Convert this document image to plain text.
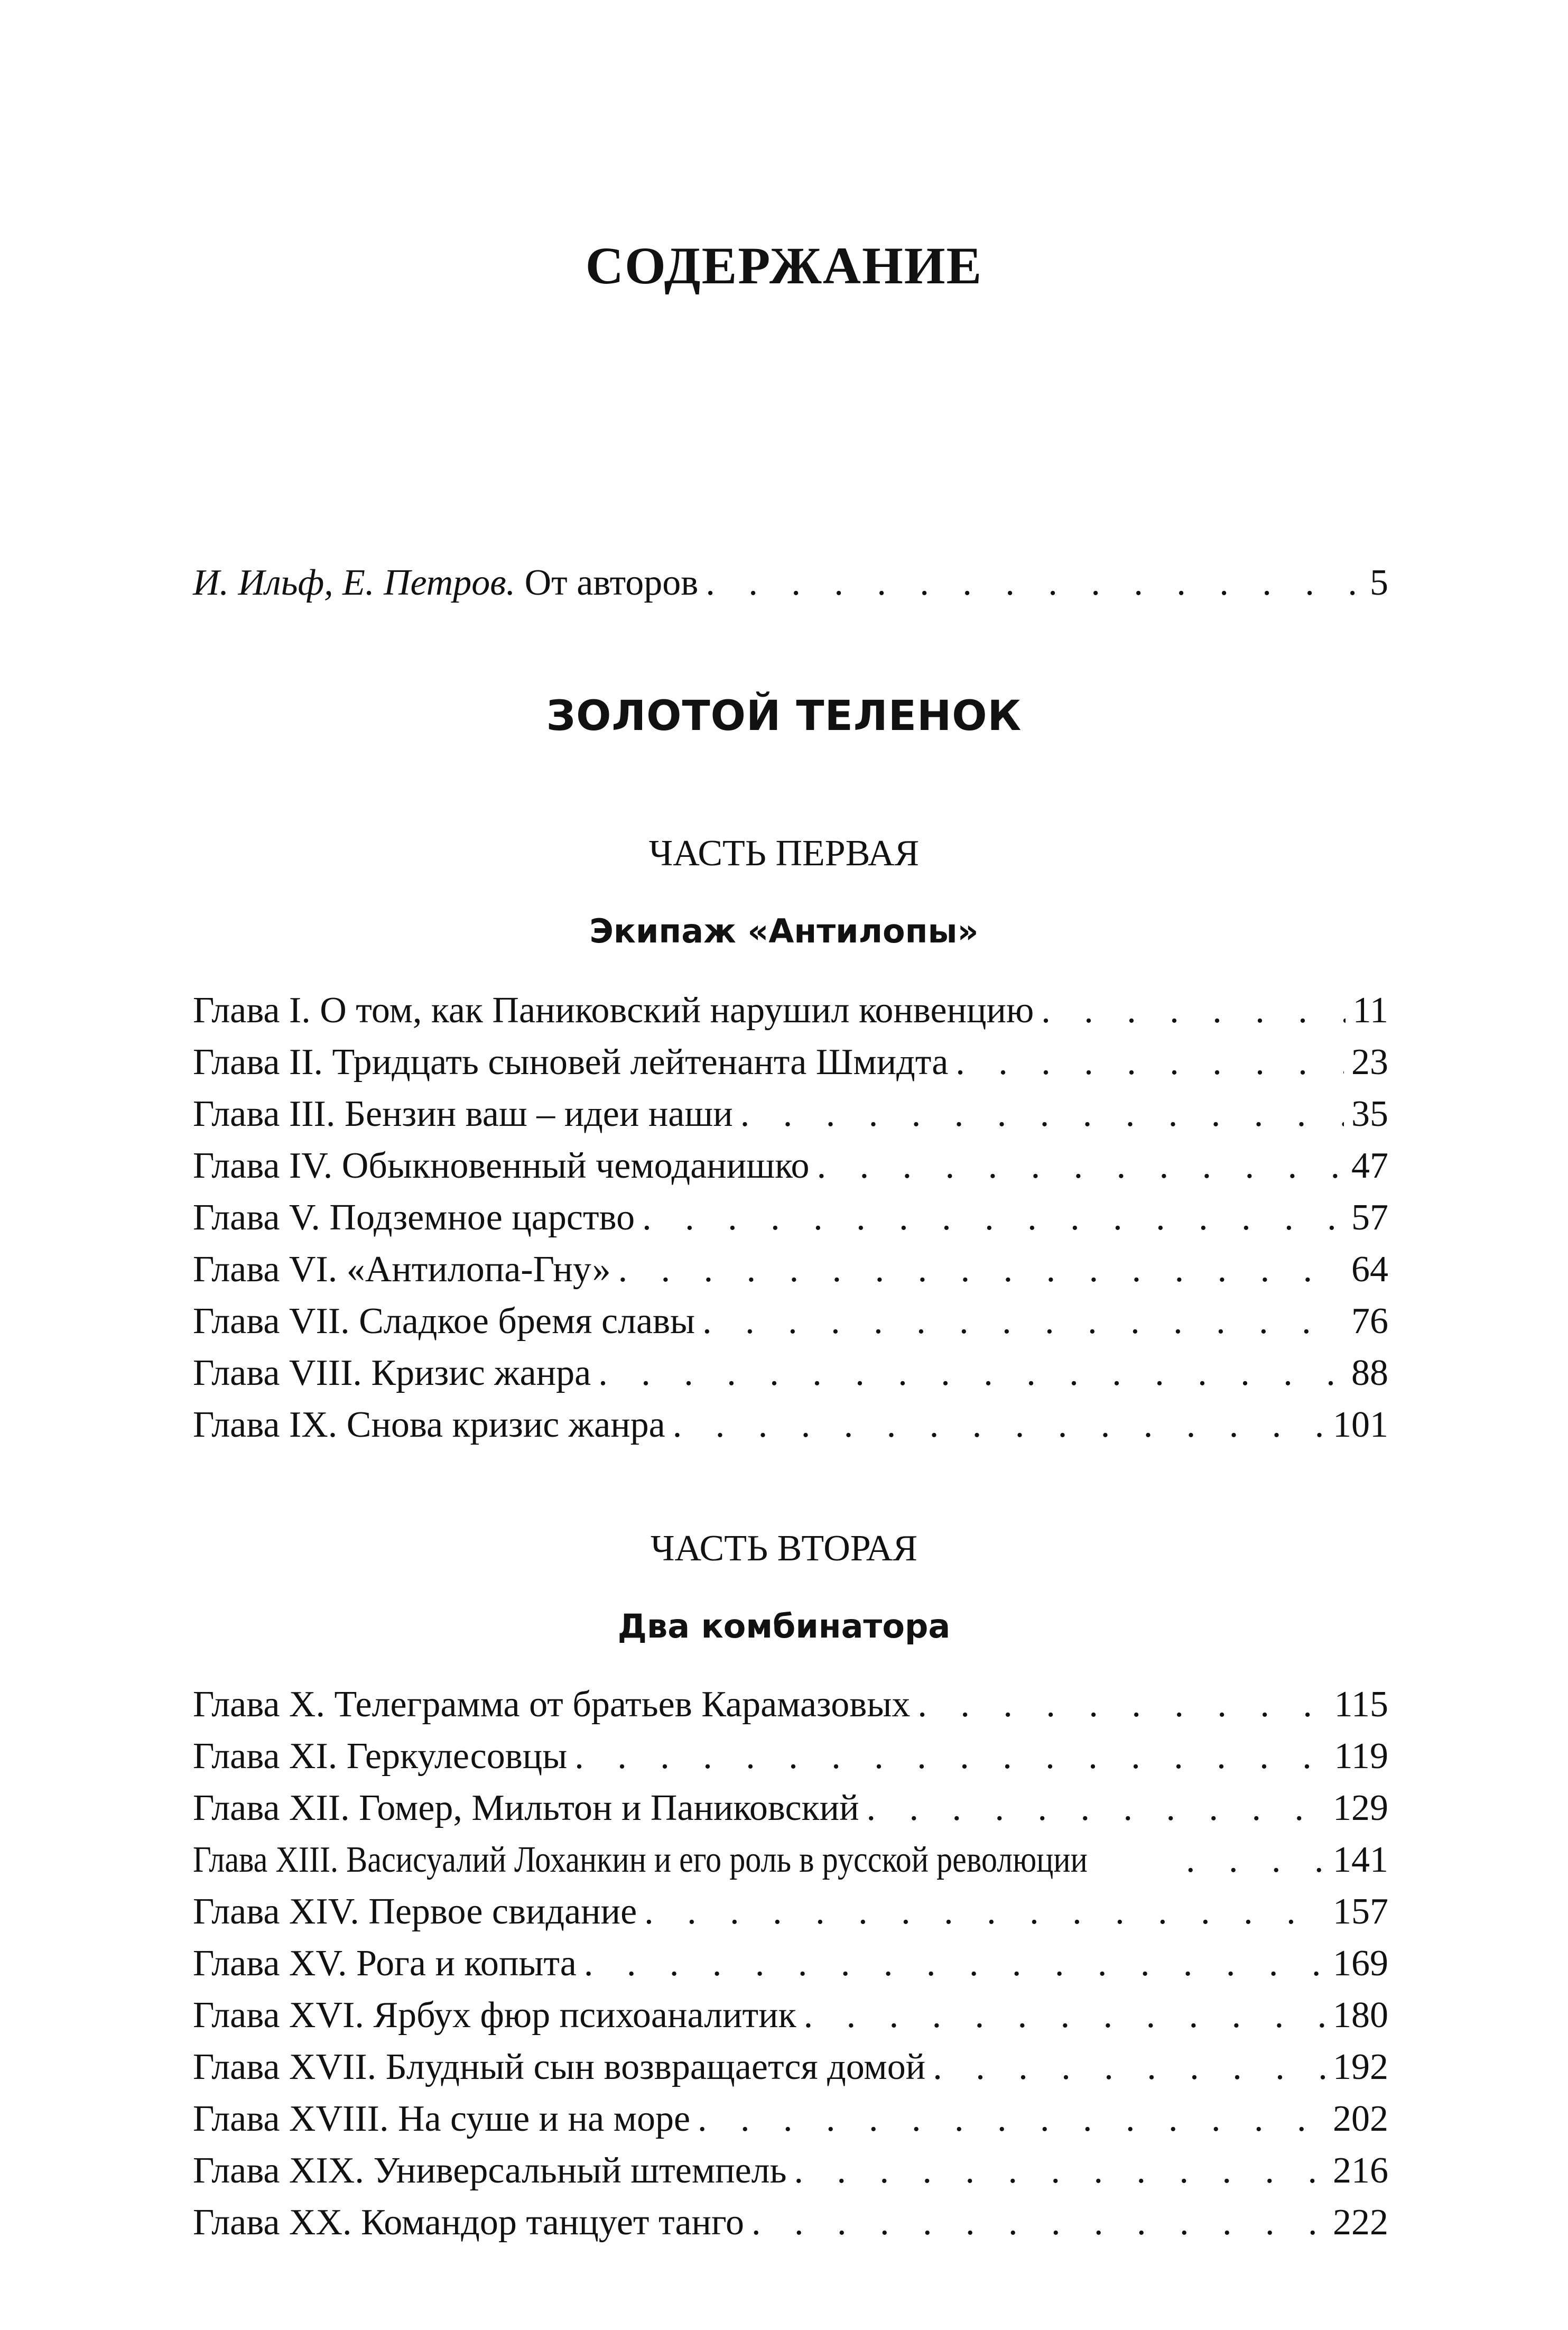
СОДЕРЖАНИЕ
И. Ильф, Е. Петров. От авторов . . .	5
ЗОЛОТОЙ ТЕЛЕНОК
ЧАСТЬ ПЕРВАЯ
Экипаж «Антилопы»
Глава I. О том, как Паниковский нарушил конвенцию . . .	11
Глава II. Тридцать сыновей лейтенанта Шмидта . . .	23
Глава III. Бензин ваш – идеи наши . . .	35
Глава IV. Обыкновенный чемоданишко . . .	47
Глава V. Подземное царство . . .	57
Глава VI. «Антилопа-Гну» . . .	64
Глава VII. Сладкое бремя славы . . .	76
Глава VIII. Кризис жанра . . .	88
Глава IX. Снова кризис жанра . . .	101
ЧАСТЬ ВТОРАЯ
Два комбинатора
Глава X. Телеграмма от братьев Карамазовых . . .	115
Глава XI. Геркулесовцы . . .	119
Глава XII. Гомер, Мильтон и Паниковский . . .	129
Глава XIII. Васисуалий Лоханкин и его роль в русской революции . . .	141
Глава XIV. Первое свидание . . .	157
Глава XV. Рога и копыта . . .	169
Глава XVI. Ярбух фюр психоаналитик . . .	180
Глава XVII. Блудный сын возвращается домой . . .	192
Глава XVIII. На суше и на море . . .	202
Глава XIX. Универсальный штемпель . . .	216
Глава XX. Командор танцует танго . . .	222
